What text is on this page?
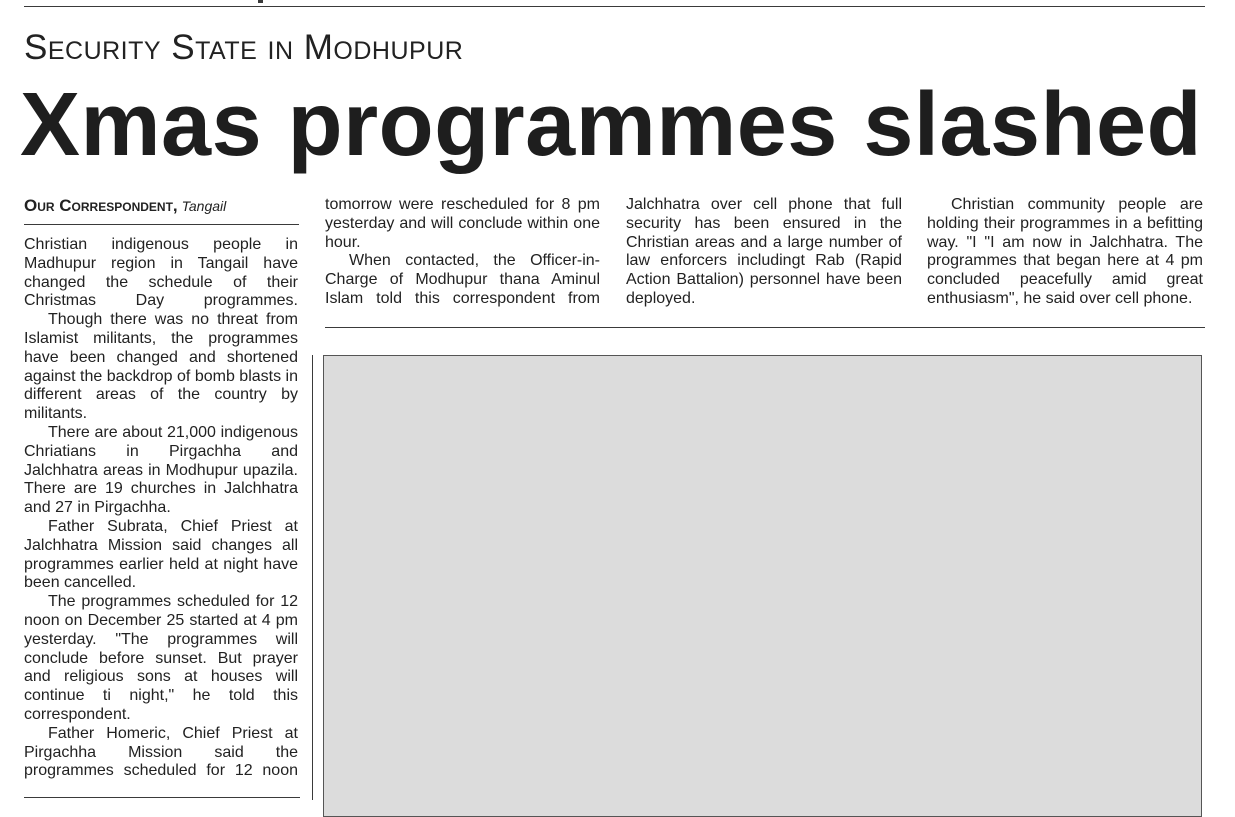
Security State in Modhupur
Xmas programmes slashed
Our Correspondent, Tangail

Christian indigenous people in Madhupur region in Tangail have changed the schedule of their Christmas Day programmes.

Though there was no threat from Islamist militants, the programmes have been changed and shortened against the backdrop of bomb blasts in different areas of the country by militants.

There are about 21,000 indigenous Chriatians in Pirgachha and Jalchhatra areas in Modhupur upazila. There are 19 churches in Jalchhatra and 27 in Pirgachha.

Father Subrata, Chief Priest at Jalchhatra Mission said changes all programmes earlier held at night have been cancelled.

The programmes scheduled for 12 noon on December 25 started at 4 pm yesterday. "The programmes will conclude before sunset. But prayer and religious sons at houses will continue ti night," he told this correspondent.

Father Homeric, Chief Priest at Pirgachha Mission said the programmes scheduled for 12 noon

tomorrow were rescheduled for 8 pm yesterday and will conclude within one hour.

When contacted, the Officer-in-Charge of Modhupur thana Aminul Islam told this correspondent from

Jalchhatra over cell phone that full security has been ensured in the Christian areas and a large number of law enforcers includingt Rab (Rapid Action Battalion) personnel have been deployed.

Christian community people are holding their programmes in a befitting way. "I "I am now in Jalchhatra. The programmes that began here at 4 pm concluded peacefully amid great enthusiasm", he said over cell phone.
